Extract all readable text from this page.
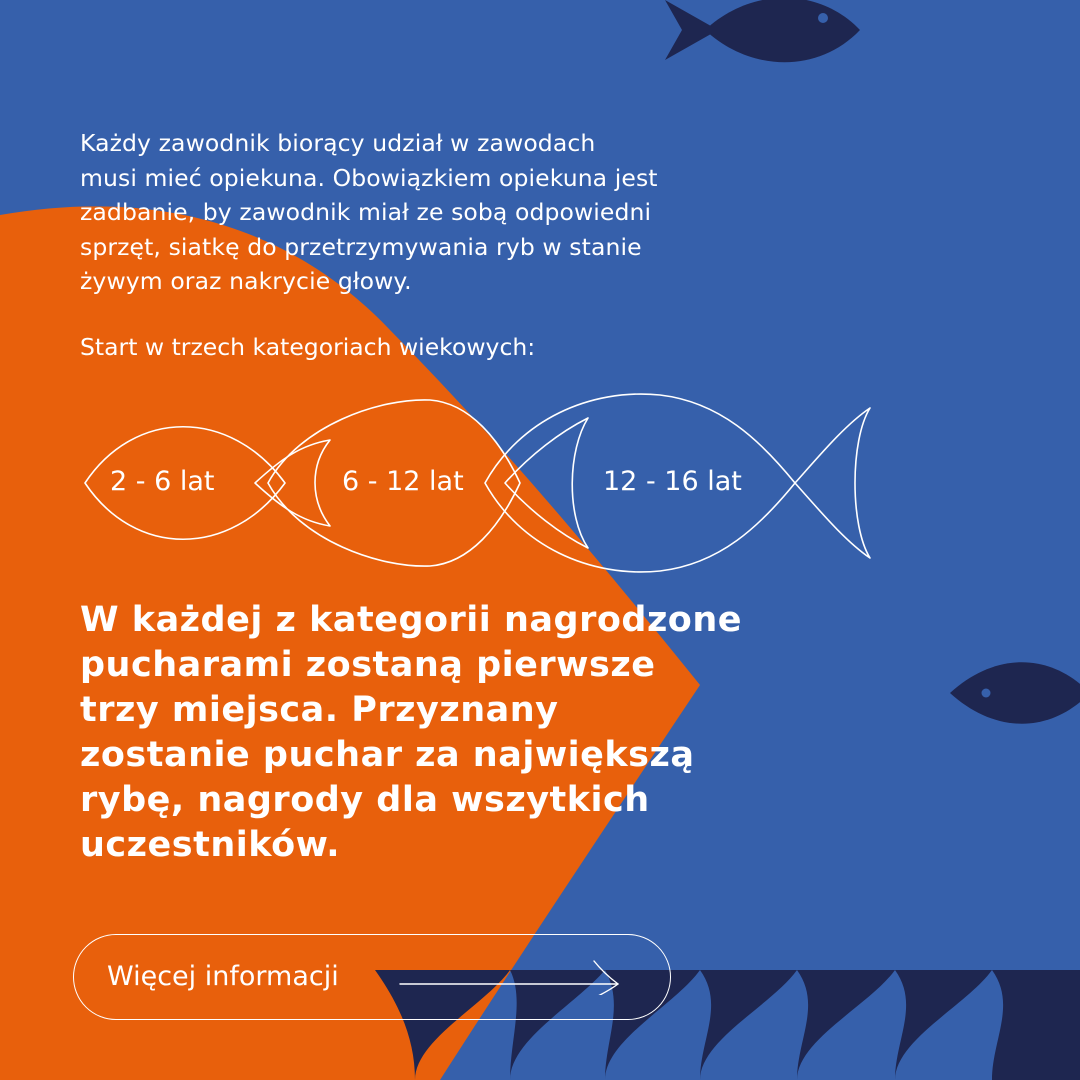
Każdy zawodnik biorący udział w zawodach
musi mieć opiekuna. Obowiązkiem opiekuna jest
zadbanie, by zawodnik miał ze sobą odpowiedni
sprzęt, siatkę do przetrzymywania ryb w stanie
żywym oraz nakrycie głowy.

Start w trzech kategoriach wiekowych:

2 - 6 lat	6 - 12 lat	12 - 16 lat

W każdej z kategorii nagrodzone
pucharami zostaną pierwsze
trzy miejsca. Przyznany
zostanie puchar za największą
rybę, nagrody dla wszytkich
uczestników.

Więcej informacji
